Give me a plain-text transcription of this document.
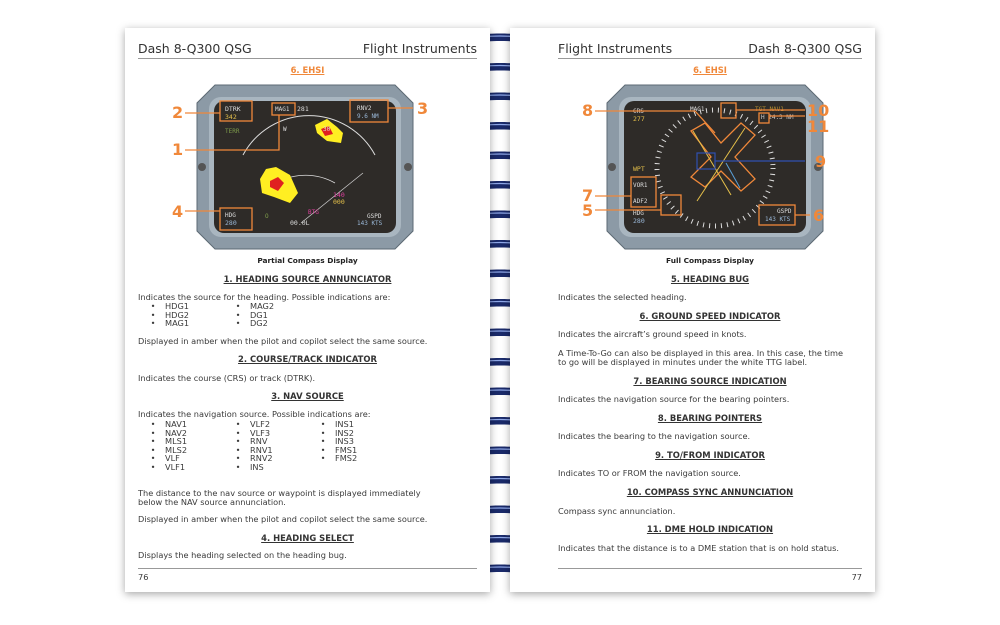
Dash 8-Q300 QSG	Flight Instruments
6. EHSI
DTRK
342
TERR
MAG1 281	RNV2
9.6 NM
W	30
140
000
BTG
HDG
280
O
00.0L
GSPD
143 KTS
2
1
3
4
Partial Compass Display
1. HEADING SOURCE ANNUNCIATOR
Indicates the source for the heading. Possible indications are:
• HDG1
• HDG2
• MAG1
• MAG2
• DG1
• DG2
Displayed in amber when the pilot and copilot select the same source.
2. COURSE/TRACK INDICATOR
Indicates the course (CRS) or track (DTRK).
3. NAV SOURCE
Indicates the navigation source. Possible indications are:
• NAV1
• NAV2
• MLS1
• MLS2
• VLF
• VLF1
• VLF2
• VLF3
• RNV
• RNV1
• RNV2
• INS
• INS1
• INS2
• INS3
• FMS1
• FMS2
The distance to the nav source or waypoint is displayed immediately
below the NAV source annunciation.
Displayed in amber when the pilot and copilot select the same source.
4. HEADING SELECT
Displays the heading selected on the heading bug.
76
Flight Instruments	Dash 8-Q300 QSG
6. EHSI
CRS
277
MAG1	TGT NAV1
H 24.3 NM
WPT
VOR1
ADF2
HDG
280
GSPD
143 KTS
8
7
5
9
10
11
6
Full Compass Display
5. HEADING BUG
Indicates the selected heading.
6. GROUND SPEED INDICATOR
Indicates the aircraft’s ground speed in knots.
A Time-To-Go can also be displayed in this area. In this case, the time
to go will be displayed in minutes under the white TTG label.
7. BEARING SOURCE INDICATION
Indicates the navigation source for the bearing pointers.
8. BEARING POINTERS
Indicates the bearing to the navigation source.
9. TO/FROM INDICATOR
Indicates TO or FROM the navigation source.
10. COMPASS SYNC ANNUNCIATION
Compass sync annunciation.
11. DME HOLD INDICATION
Indicates that the distance is to a DME station that is on hold status.
77
